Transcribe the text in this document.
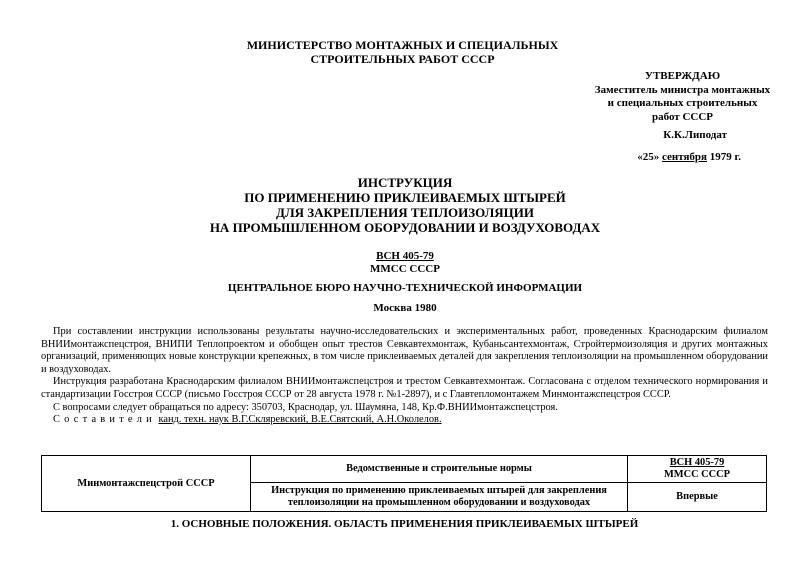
МИНИСТЕРСТВО МОНТАЖНЫХ И СПЕЦИАЛЬНЫХ
СТРОИТЕЛЬНЫХ РАБОТ СССР
УТВЕРЖДАЮ
Заместитель министра монтажных
и специальных строительных
работ СССР
К.К.Липодат
«25» сентября 1979 г.
ИНСТРУКЦИЯ
ПО ПРИМЕНЕНИЮ ПРИКЛЕИВАЕМЫХ ШТЫРЕЙ
ДЛЯ ЗАКРЕПЛЕНИЯ ТЕПЛОИЗОЛЯЦИИ
НА ПРОМЫШЛЕННОМ ОБОРУДОВАНИИ И ВОЗДУХОВОДАХ
ВСН 405-79
ММСС СССР
ЦЕНТРАЛЬНОЕ БЮРО НАУЧНО-ТЕХНИЧЕСКОЙ ИНФОРМАЦИИ
Москва 1980

При составлении инструкции использованы результаты научно-исследовательских и экспериментальных работ, проведенных Краснодарским филиалом ВНИИмонтажспецстроя, ВНИПИ Теплопроектом и обобщен опыт трестов Севкавтехмонтаж, Кубаньсантехмонтаж, Стройтермоизоляция и других монтажных организаций, применяющих новые конструкции крепежных, в том числе приклеиваемых деталей для закрепления теплоизоляции на промышленном оборудовании и воздуховодах.

Инструкция разработана Краснодарским филиалом ВНИИмонтажспецстроя и трестом Севкавтехмонтаж. Согласована с отделом технического нормирования и стандартизации Госстроя СССР (письмо Госстроя СССР от 28 августа 1978 г. №1-2897), и с Главтепломонтажем Минмонтажспецстроя СССР.

С вопросами следует обращаться по адресу: 350703, Краснодар, ул. Шаумяна, 148, Кр.Ф.ВНИИмонтажспецстроя.

Составители канд. техн. наук В.Г.Скляревский, В.Е.Святский, А.Н.Околелов.

Минмонтажспецстрой СССР	Ведомственные и строительные нормы	ВСН 405-79
ММСС СССР
	Инструкция по применению приклеиваемых штырей для закрепления
теплоизоляции на промышленном оборудовании и воздуховодах	Впервые
1. ОСНОВНЫЕ ПОЛОЖЕНИЯ. ОБЛАСТЬ ПРИМЕНЕНИЯ ПРИКЛЕИВАЕМЫХ ШТЫРЕЙ
